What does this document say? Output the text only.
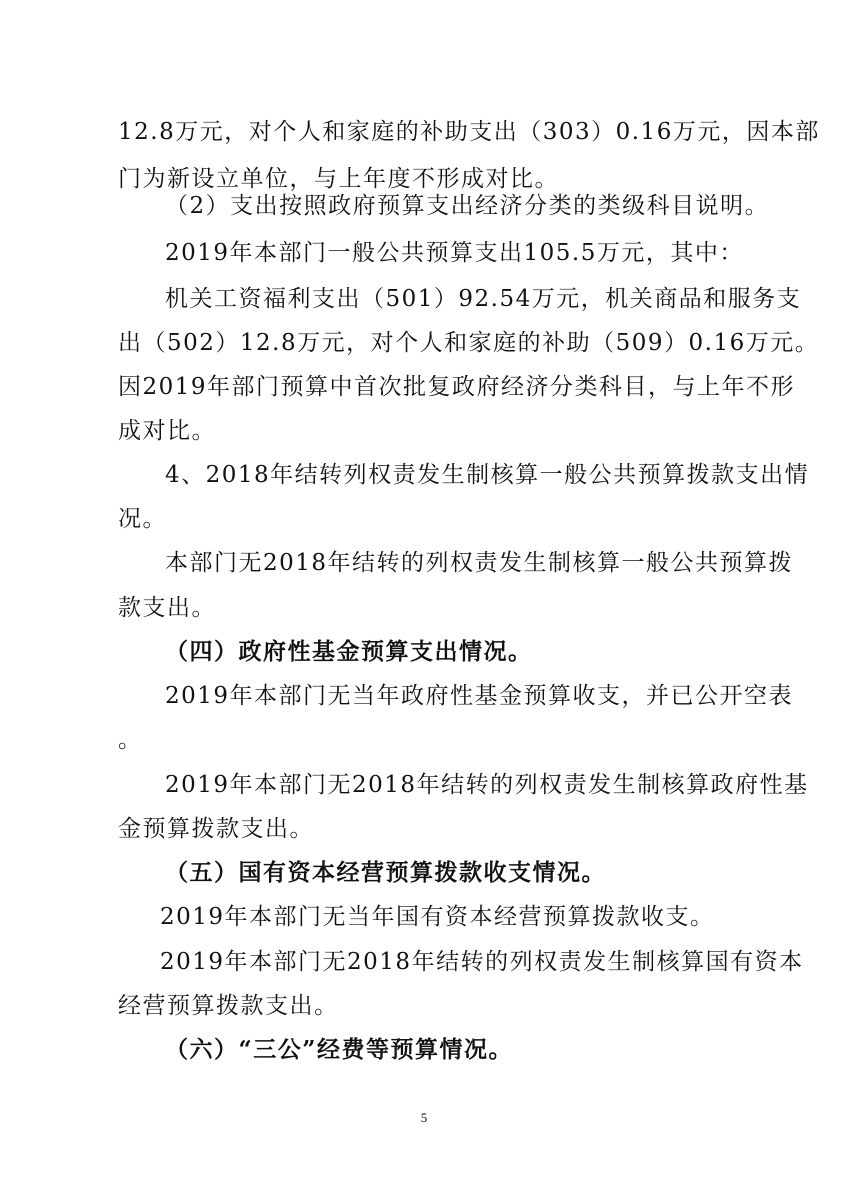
12.8万元，对个人和家庭的补助支出（303）0.16万元，因本部
门为新设立单位，与上年度不形成对比。
（2）支出按照政府预算支出经济分类的类级科目说明。
2019年本部门一般公共预算支出105.5万元，其中：
机关工资福利支出（501）92.54万元，机关商品和服务支
出（502）12.8万元，对个人和家庭的补助（509）0.16万元。
因2019年部门预算中首次批复政府经济分类科目，与上年不形
成对比。
4、2018年结转列权责发生制核算一般公共预算拨款支出情
况。
本部门无2018年结转的列权责发生制核算一般公共预算拨
款支出。
（四）政府性基金预算支出情况。
2019年本部门无当年政府性基金预算收支，并已公开空表
。
2019年本部门无2018年结转的列权责发生制核算政府性基
金预算拨款支出。
（五）国有资本经营预算拨款收支情况。
2019年本部门无当年国有资本经营预算拨款收支。
2019年本部门无2018年结转的列权责发生制核算国有资本
经营预算拨款支出。
（六）“三公”经费等预算情况。
5
